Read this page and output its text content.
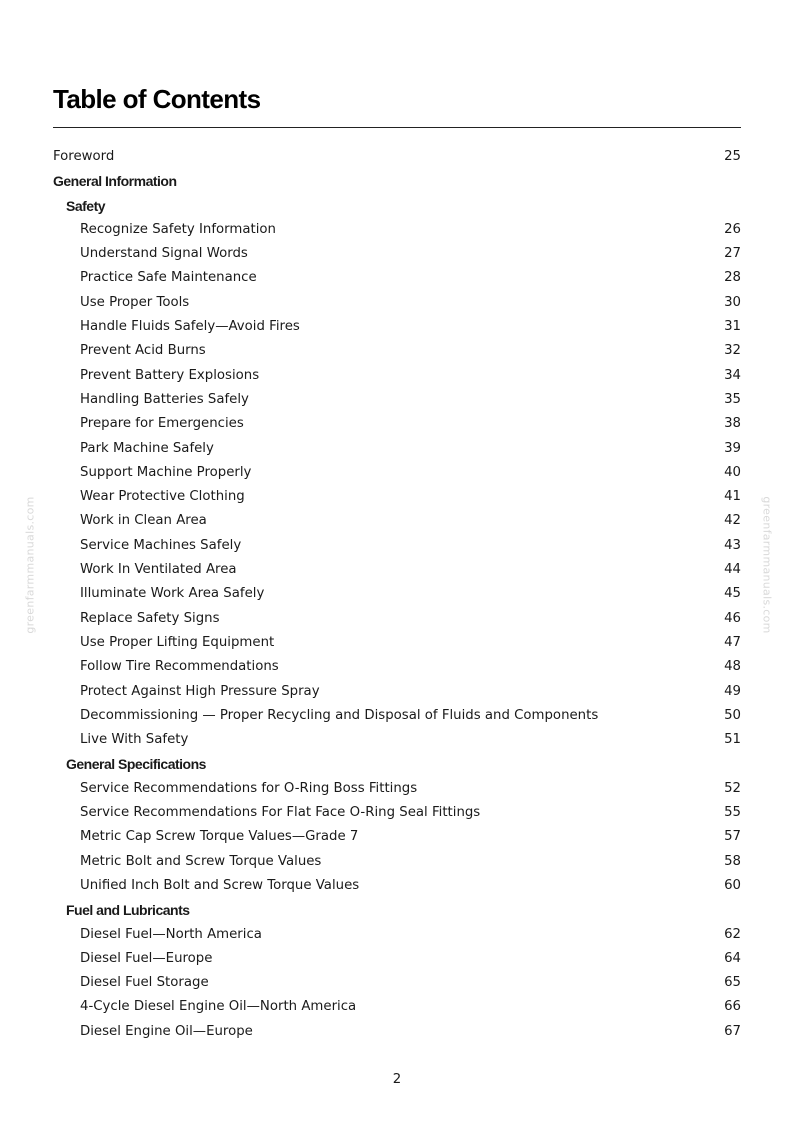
Table of Contents
Foreword	25
General Information
Safety
Recognize Safety Information	26
Understand Signal Words	27
Practice Safe Maintenance	28
Use Proper Tools	30
Handle Fluids Safely—Avoid Fires	31
Prevent Acid Burns	32
Prevent Battery Explosions	34
Handling Batteries Safely	35
Prepare for Emergencies	38
Park Machine Safely	39
Support Machine Properly	40
Wear Protective Clothing	41
Work in Clean Area	42
Service Machines Safely	43
Work In Ventilated Area	44
Illuminate Work Area Safely	45
Replace Safety Signs	46
Use Proper Lifting Equipment	47
Follow Tire Recommendations	48
Protect Against High Pressure Spray	49
Decommissioning — Proper Recycling and Disposal of Fluids and Components	50
Live With Safety	51
General Specifications
Service Recommendations for O-Ring Boss Fittings	52
Service Recommendations For Flat Face O-Ring Seal Fittings	55
Metric Cap Screw Torque Values—Grade 7	57
Metric Bolt and Screw Torque Values	58
Unified Inch Bolt and Screw Torque Values	60
Fuel and Lubricants
Diesel Fuel—North America	62
Diesel Fuel—Europe	64
Diesel Fuel Storage	65
4-Cycle Diesel Engine Oil—North America	66
Diesel Engine Oil—Europe	67
greenfarmmanuals.com	greenfarmmanuals.com
2
